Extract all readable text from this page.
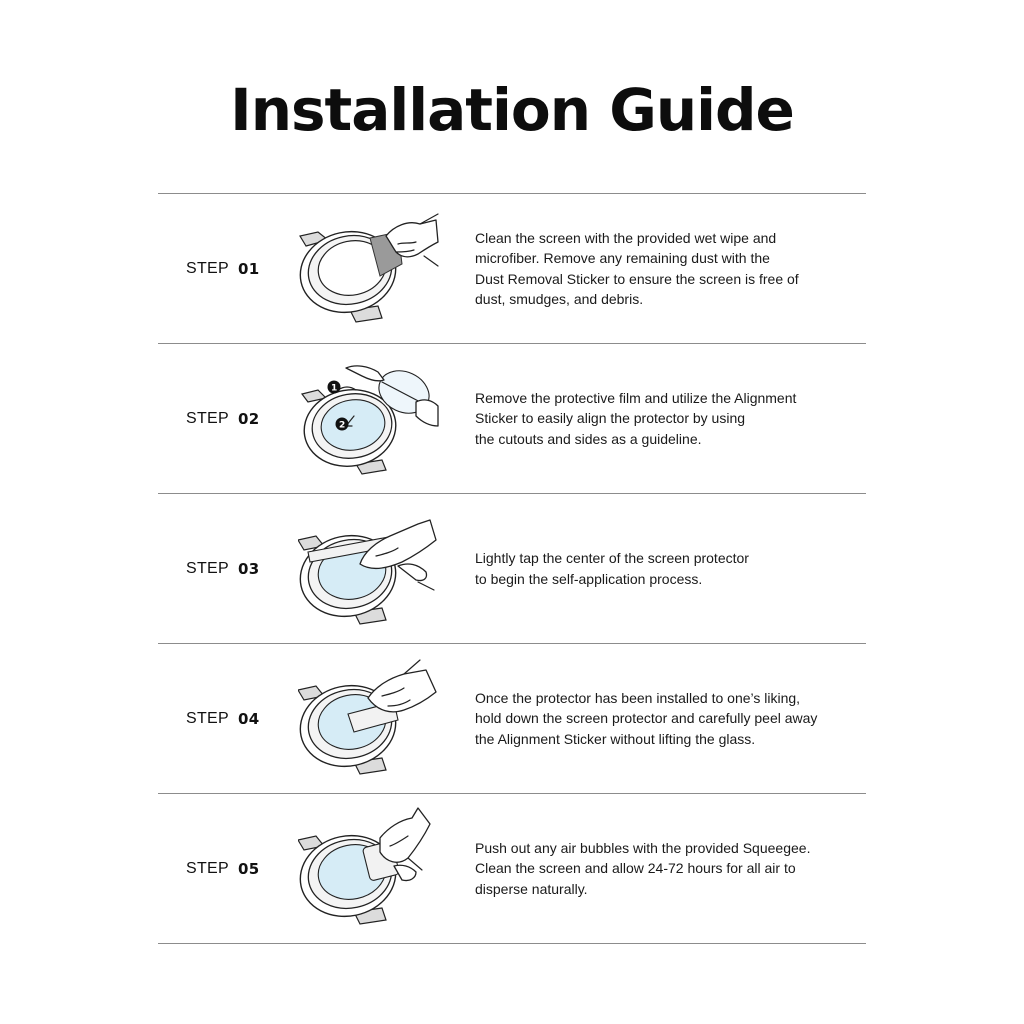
Installation Guide
STEP 01

Clean the screen with the provided wet wipe and
microfiber. Remove any remaining dust with the
Dust Removal Sticker to ensure the screen is free of
dust, smudges, and debris.

STEP 02
1
2

Remove the protective film and utilize the Alignment
Sticker to easily align the protector by using
the cutouts and sides as a guideline.

STEP 03

Lightly tap the center of the screen protector
to begin the self-application process.

STEP 04

Once the protector has been installed to one’s liking,
hold down the screen protector and carefully peel away
the Alignment Sticker without lifting the glass.

STEP 05

Push out any air bubbles with the provided Squeegee.
Clean the screen and allow 24-72 hours for all air to
disperse naturally.
